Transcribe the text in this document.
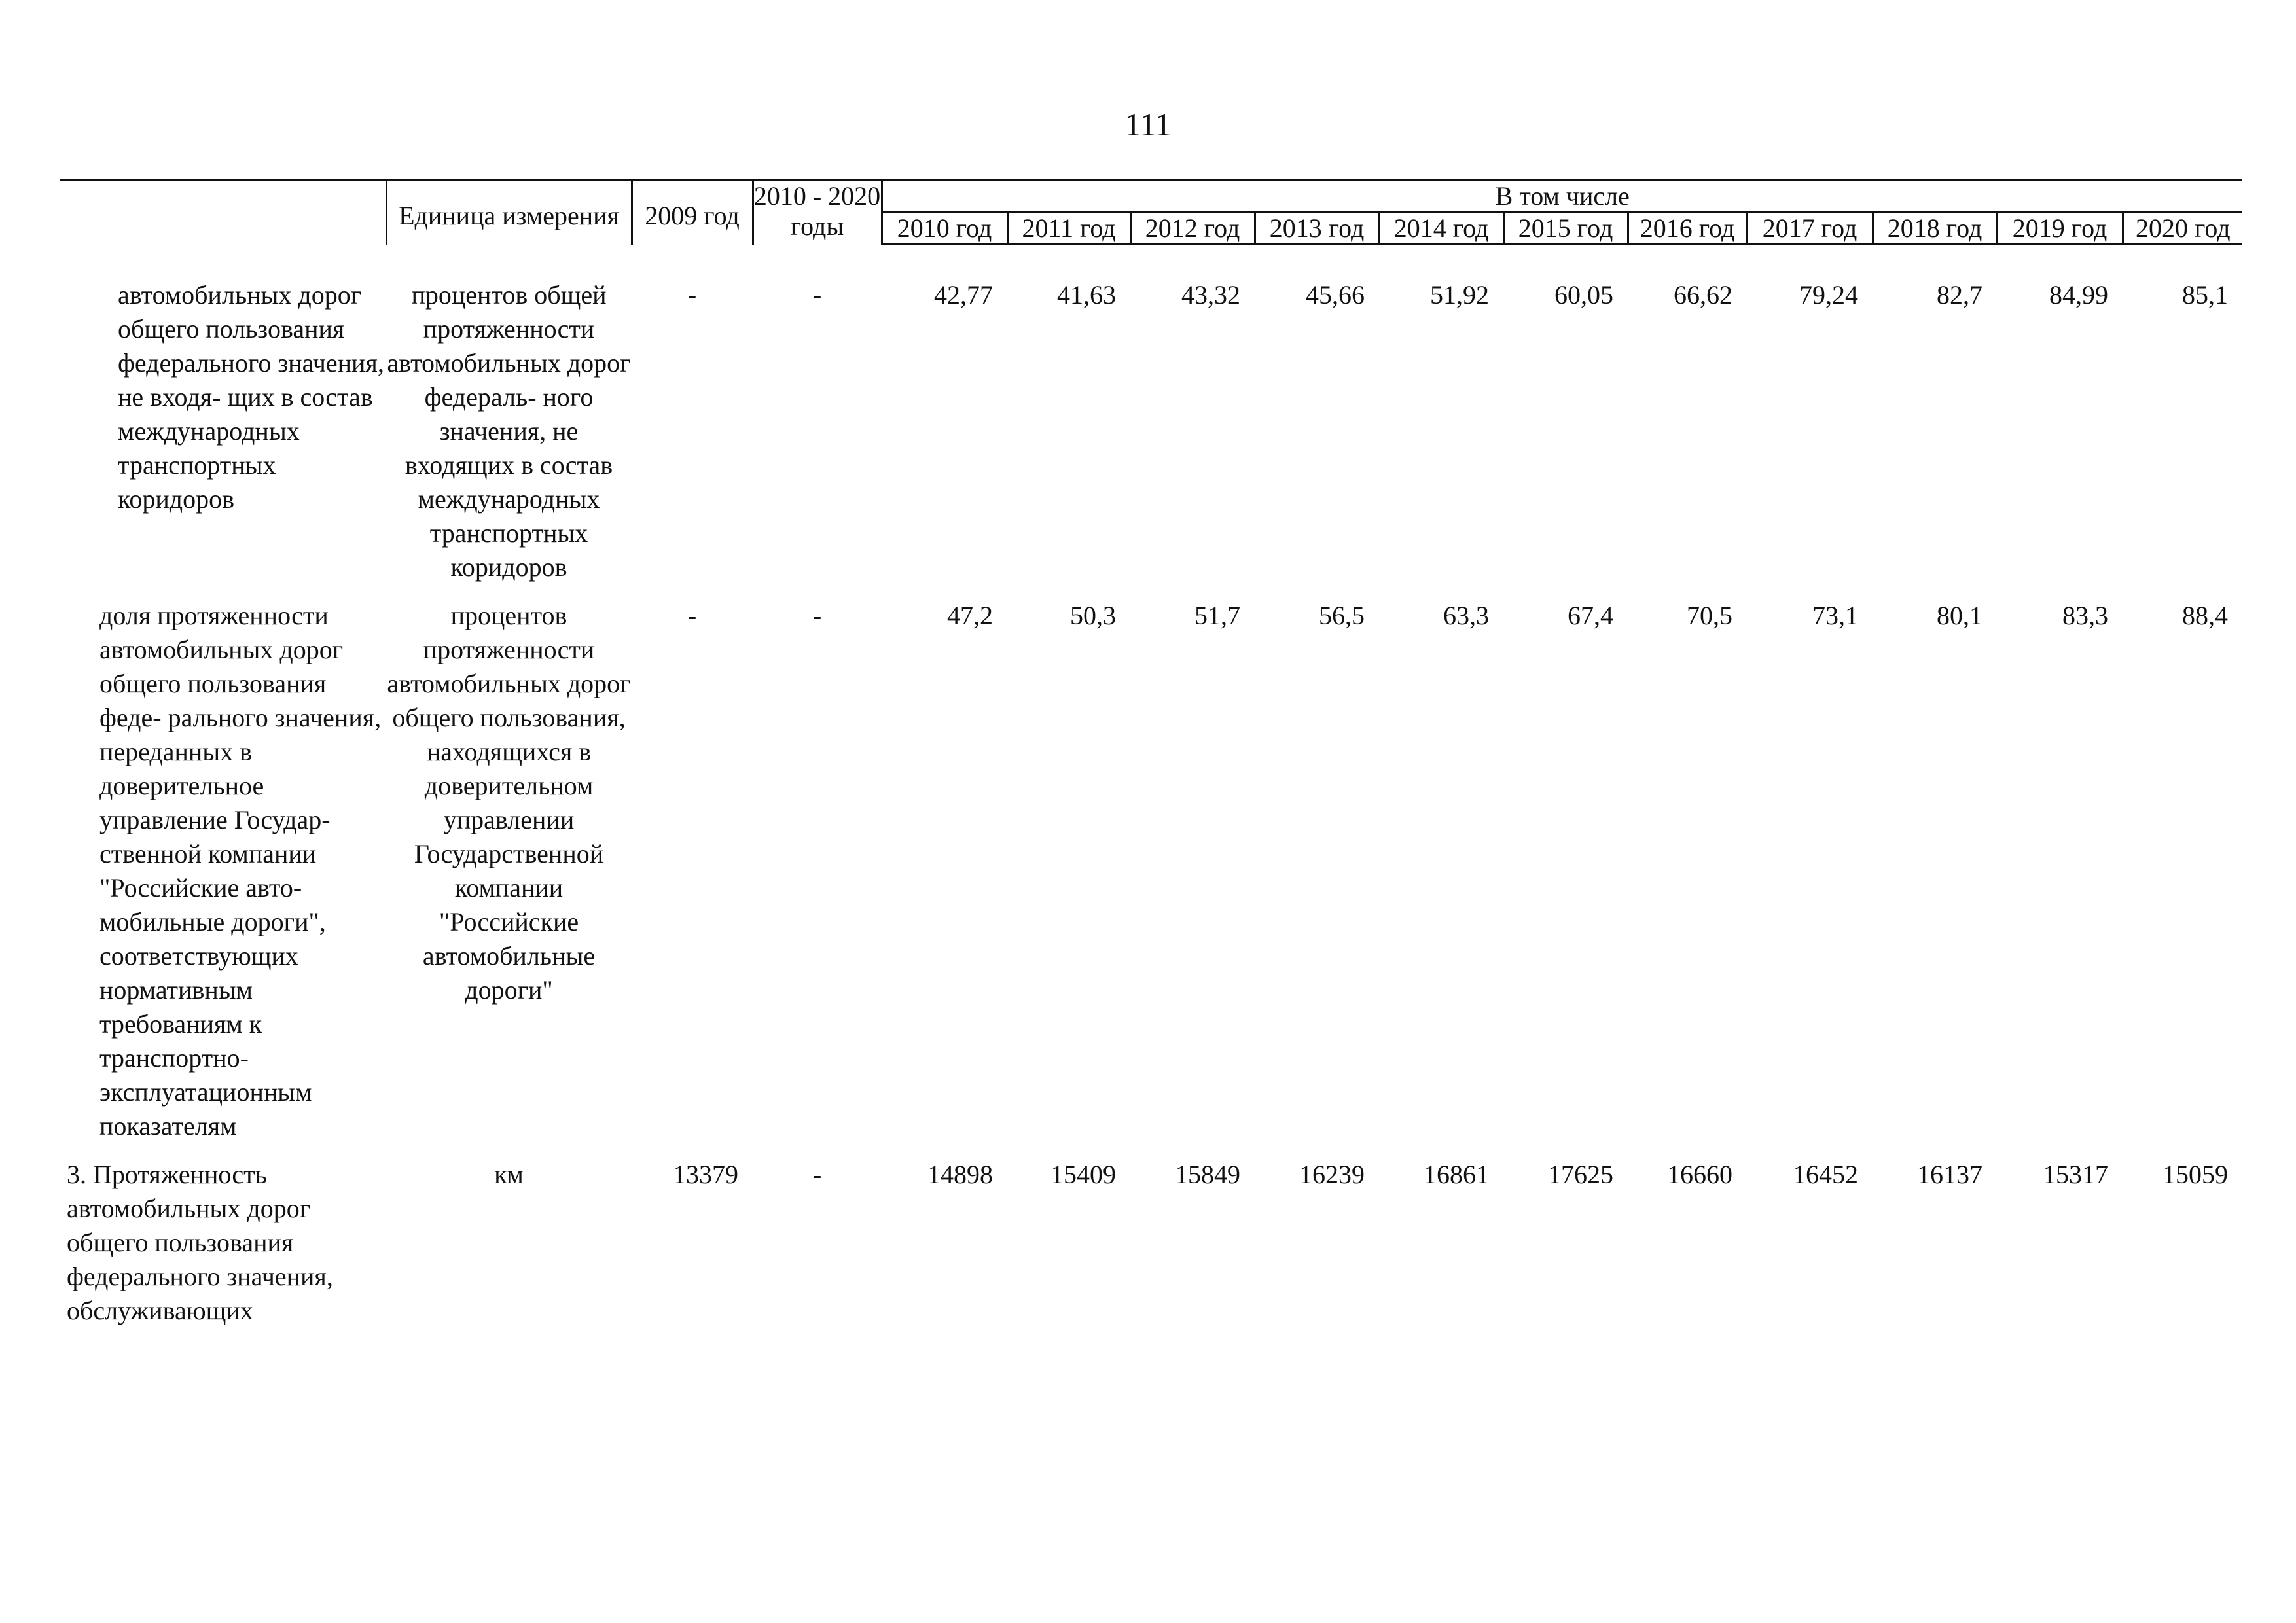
111
	Единица измерения	2009 год	2010 - 2020 годы	В том числе										
				2010 год	2011 год	2012 год	2013 год	2014 год	2015 год	2016 год	2017 год	2018 год	2019 год	2020 год

автомобильных дорог общего пользования федерального значения, не входя- щих в состав международных транспортных коридоров	процентов общей протяженности автомобильных дорог федераль- ного значения, не входящих в состав международных транспортных коридоров	-	-	42,77	41,63	43,32	45,66	51,92	60,05	66,62	79,24	82,7	84,99	85,1

доля протяженности автомобильных дорог общего пользования феде- рального значения, переданных в доверительное управление Государ- ственной компании "Российские авто- мобильные дороги", соответствующих нормативным требованиям к транспортно- эксплуатационным показателям	процентов протяженности автомобильных дорог общего пользования, находящихся в доверительном управлении Государственной компании "Российские автомобильные дороги"	-	-	47,2	50,3	51,7	56,5	63,3	67,4	70,5	73,1	80,1	83,3	88,4

3. Протяженность автомобильных дорог общего пользования федерального значения, обслуживающих	км	13379	-	14898	15409	15849	16239	16861	17625	16660	16452	16137	15317	15059
